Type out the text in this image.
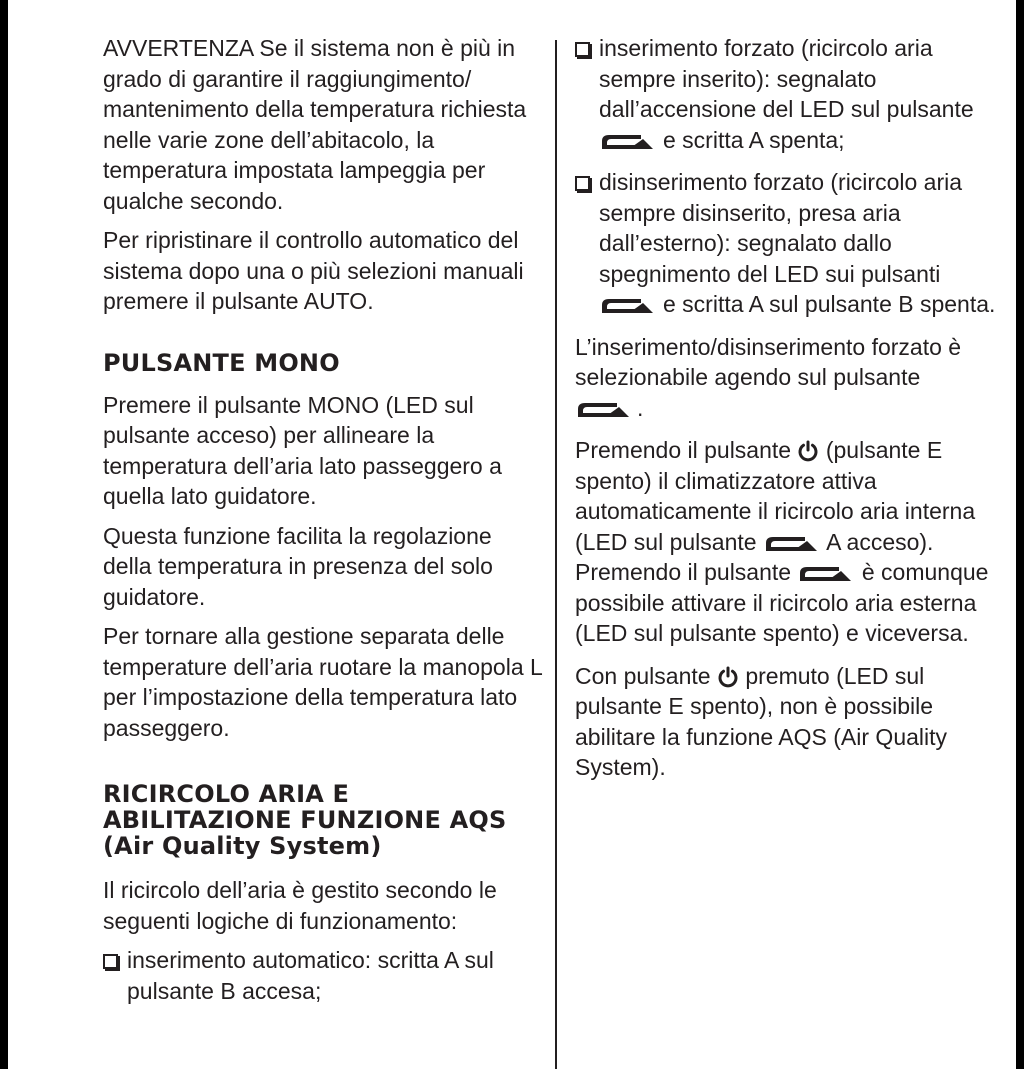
AVVERTENZA Se il sistema non è più in grado di garantire il raggiungimento/ mantenimento della temperatura richiesta nelle varie zone dell’abitacolo, la temperatura impostata lampeggia per qualche secondo.

Per ripristinare il controllo automatico del sistema dopo una o più selezioni manuali premere il pulsante AUTO.

PULSANTE MONO

Premere il pulsante MONO (LED sul pulsante acceso) per allineare la temperatura dell’aria lato passeggero a quella lato guidatore.

Questa funzione facilita la regolazione della temperatura in presenza del solo guidatore.

Per tornare alla gestione separata delle temperature dell’aria ruotare la manopola L per l’impostazione della temperatura lato passeggero.

RICIRCOLO ARIA E ABILITAZIONE FUNZIONE AQS (Air Quality System)

Il ricircolo dell’aria è gestito secondo le seguenti logiche di funzionamento:

inserimento automatico: scritta A sul pulsante B accesa;
inserimento forzato (ricircolo aria sempre inserito): segnalato dall’accensione del LED sul pulsante

e scritta A spenta;
disinserimento forzato (ricircolo aria sempre disinserito, presa aria dall’esterno): segnalato dallo spegnimento del LED sui pulsanti

e scritta A sul pulsante B spenta.

L’inserimento/disinserimento forzato è selezionabile agendo sul pulsante

.

Premendo il pulsante (pulsante E spento) il climatizzatore attiva automaticamente il ricircolo aria interna (LED sul pulsante	A acceso). Premendo il pulsante	è comunque possibile attivare il ricircolo aria esterna (LED sul pulsante spento) e viceversa.

Con pulsante premuto (LED sul pulsante E spento), non è possibile abilitare la funzione AQS (Air Quality System).
